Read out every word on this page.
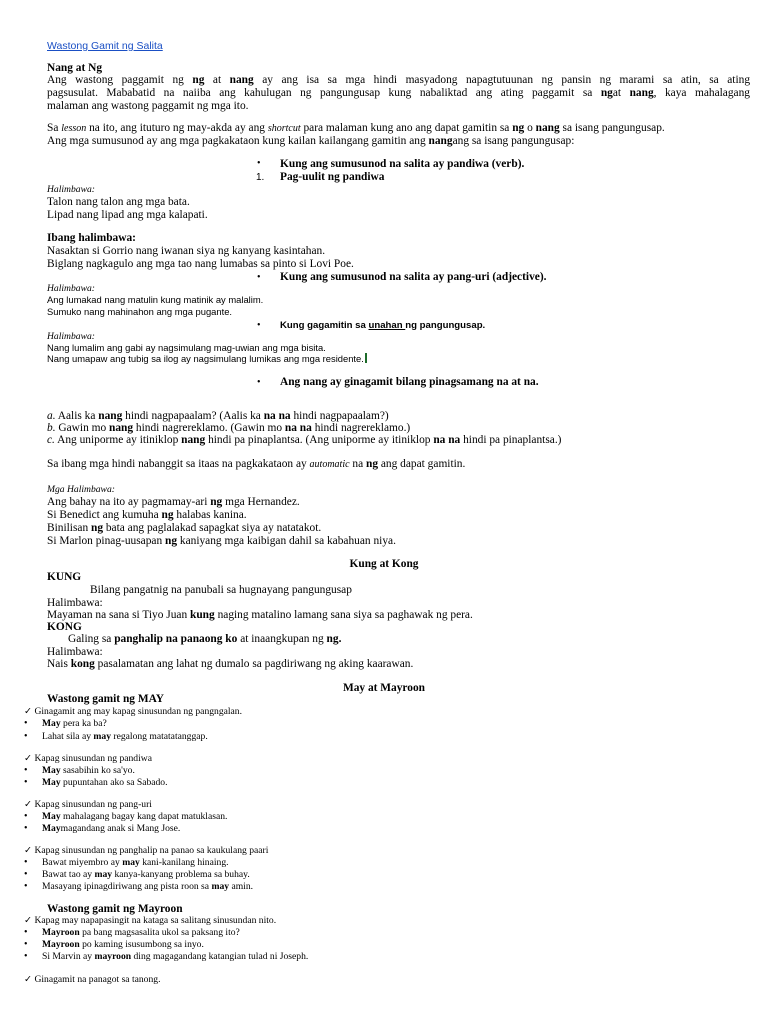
Wastong Gamit ng Salita
Nang at Ng
Ang wastong paggamit ng ng at nang ay ang isa sa mga hindi masyadong napagtutuunan ng pansin ng marami sa atin, sa ating
pagsusulat. Mababatid na naiiba ang kahulugan ng pangungusap kung nabaliktad ang ating paggamit sa ngat nang, kaya mahalagang
malaman ang wastong paggamit ng mga ito.
Sa lesson na ito, ang ituturo ng may-akda ay ang shortcut para malaman kung ano ang dapat gamitin sa ng o nang sa isang pangungusap.
Ang mga sumusunod ay ang mga pagkakataon kung kailan kailangang gamitin ang nangang sa isang pangungusap:
• Kung ang sumusunod na salita ay pandiwa (verb).
1. Pag-uulit ng pandiwa
Halimbawa:
Talon nang talon ang mga bata.
Lipad nang lipad ang mga kalapati.
Ibang halimbawa:
Nasaktan si Gorrio nang iwanan siya ng kanyang kasintahan.
Biglang nagkagulo ang mga tao nang lumabas sa pinto si Lovi Poe.
• Kung ang sumusunod na salita ay pang-uri (adjective).
Halimbawa:
Ang lumakad nang matulin kung matinik ay malalim.
Sumuko nang mahinahon ang mga pugante.
• Kung gagamitin sa unahan ng pangungusap.
Halimbawa:
Nang lumalim ang gabi ay nagsimulang mag-uwian ang mga bisita.
Nang umapaw ang tubig sa ilog ay nagsimulang lumikas ang mga residente.
• Ang nang ay ginagamit bilang pinagsamang na at na.
a. Aalis ka nang hindi nagpapaalam? (Aalis ka na na hindi nagpapaalam?)
b. Gawin mo nang hindi nagrereklamo. (Gawin mo na na hindi nagrereklamo.)
c. Ang uniporme ay itiniklop nang hindi pa pinaplantsa. (Ang uniporme ay itiniklop na na hindi pa pinaplantsa.)
Sa ibang mga hindi nabanggit sa itaas na pagkakataon ay automatic na ng ang dapat gamitin.
Mga Halimbawa:
Ang bahay na ito ay pagmamay-ari ng mga Hernandez.
Si Benedict ang kumuha ng halabas kanina.
Binilisan ng bata ang paglalakad sapagkat siya ay natatakot.
Si Marlon pinag-uusapan ng kaniyang mga kaibigan dahil sa kabahuan niya.
Kung at Kong
KUNG
Bilang pangatnig na panubali sa hugnayang pangungusap
Halimbawa:
Mayaman na sana si Tiyo Juan kung naging matalino lamang sana siya sa paghawak ng pera.
KONG
Galing sa panghalip na panaong ko at inaangkupan ng ng.
Halimbawa:
Nais kong pasalamatan ang lahat ng dumalo sa pagdiriwang ng aking kaarawan.
May at Mayroon
Wastong gamit ng MAY
✓ Ginagamit ang may kapag sinusundan ng pangngalan.
• May pera ka ba?
• Lahat sila ay may regalong matatatanggap.
✓ Kapag sinusundan ng pandiwa
• May sasabihin ko sa'yo.
• May pupuntahan ako sa Sabado.
✓ Kapag sinusundan ng pang-uri
• May mahalagang bagay kang dapat matuklasan.
• Maymagandang anak si Mang Jose.
✓ Kapag sinusundan ng panghalip na panao sa kaukulang paari
• Bawat miyembro ay may kani-kanilang hinaing.
• Bawat tao ay may kanya-kanyang problema sa buhay.
• Masayang ipinagdiriwang ang pista roon sa may amin.
Wastong gamit ng Mayroon
✓ Kapag may napapasingit na kataga sa salitang sinusundan nito.
• Mayroon pa bang magsasalita ukol sa paksang ito?
• Mayroon po kaming isusumbong sa inyo.
• Si Marvin ay mayroon ding magagandang katangian tulad ni Joseph.
✓ Ginagamit na panagot sa tanong.
